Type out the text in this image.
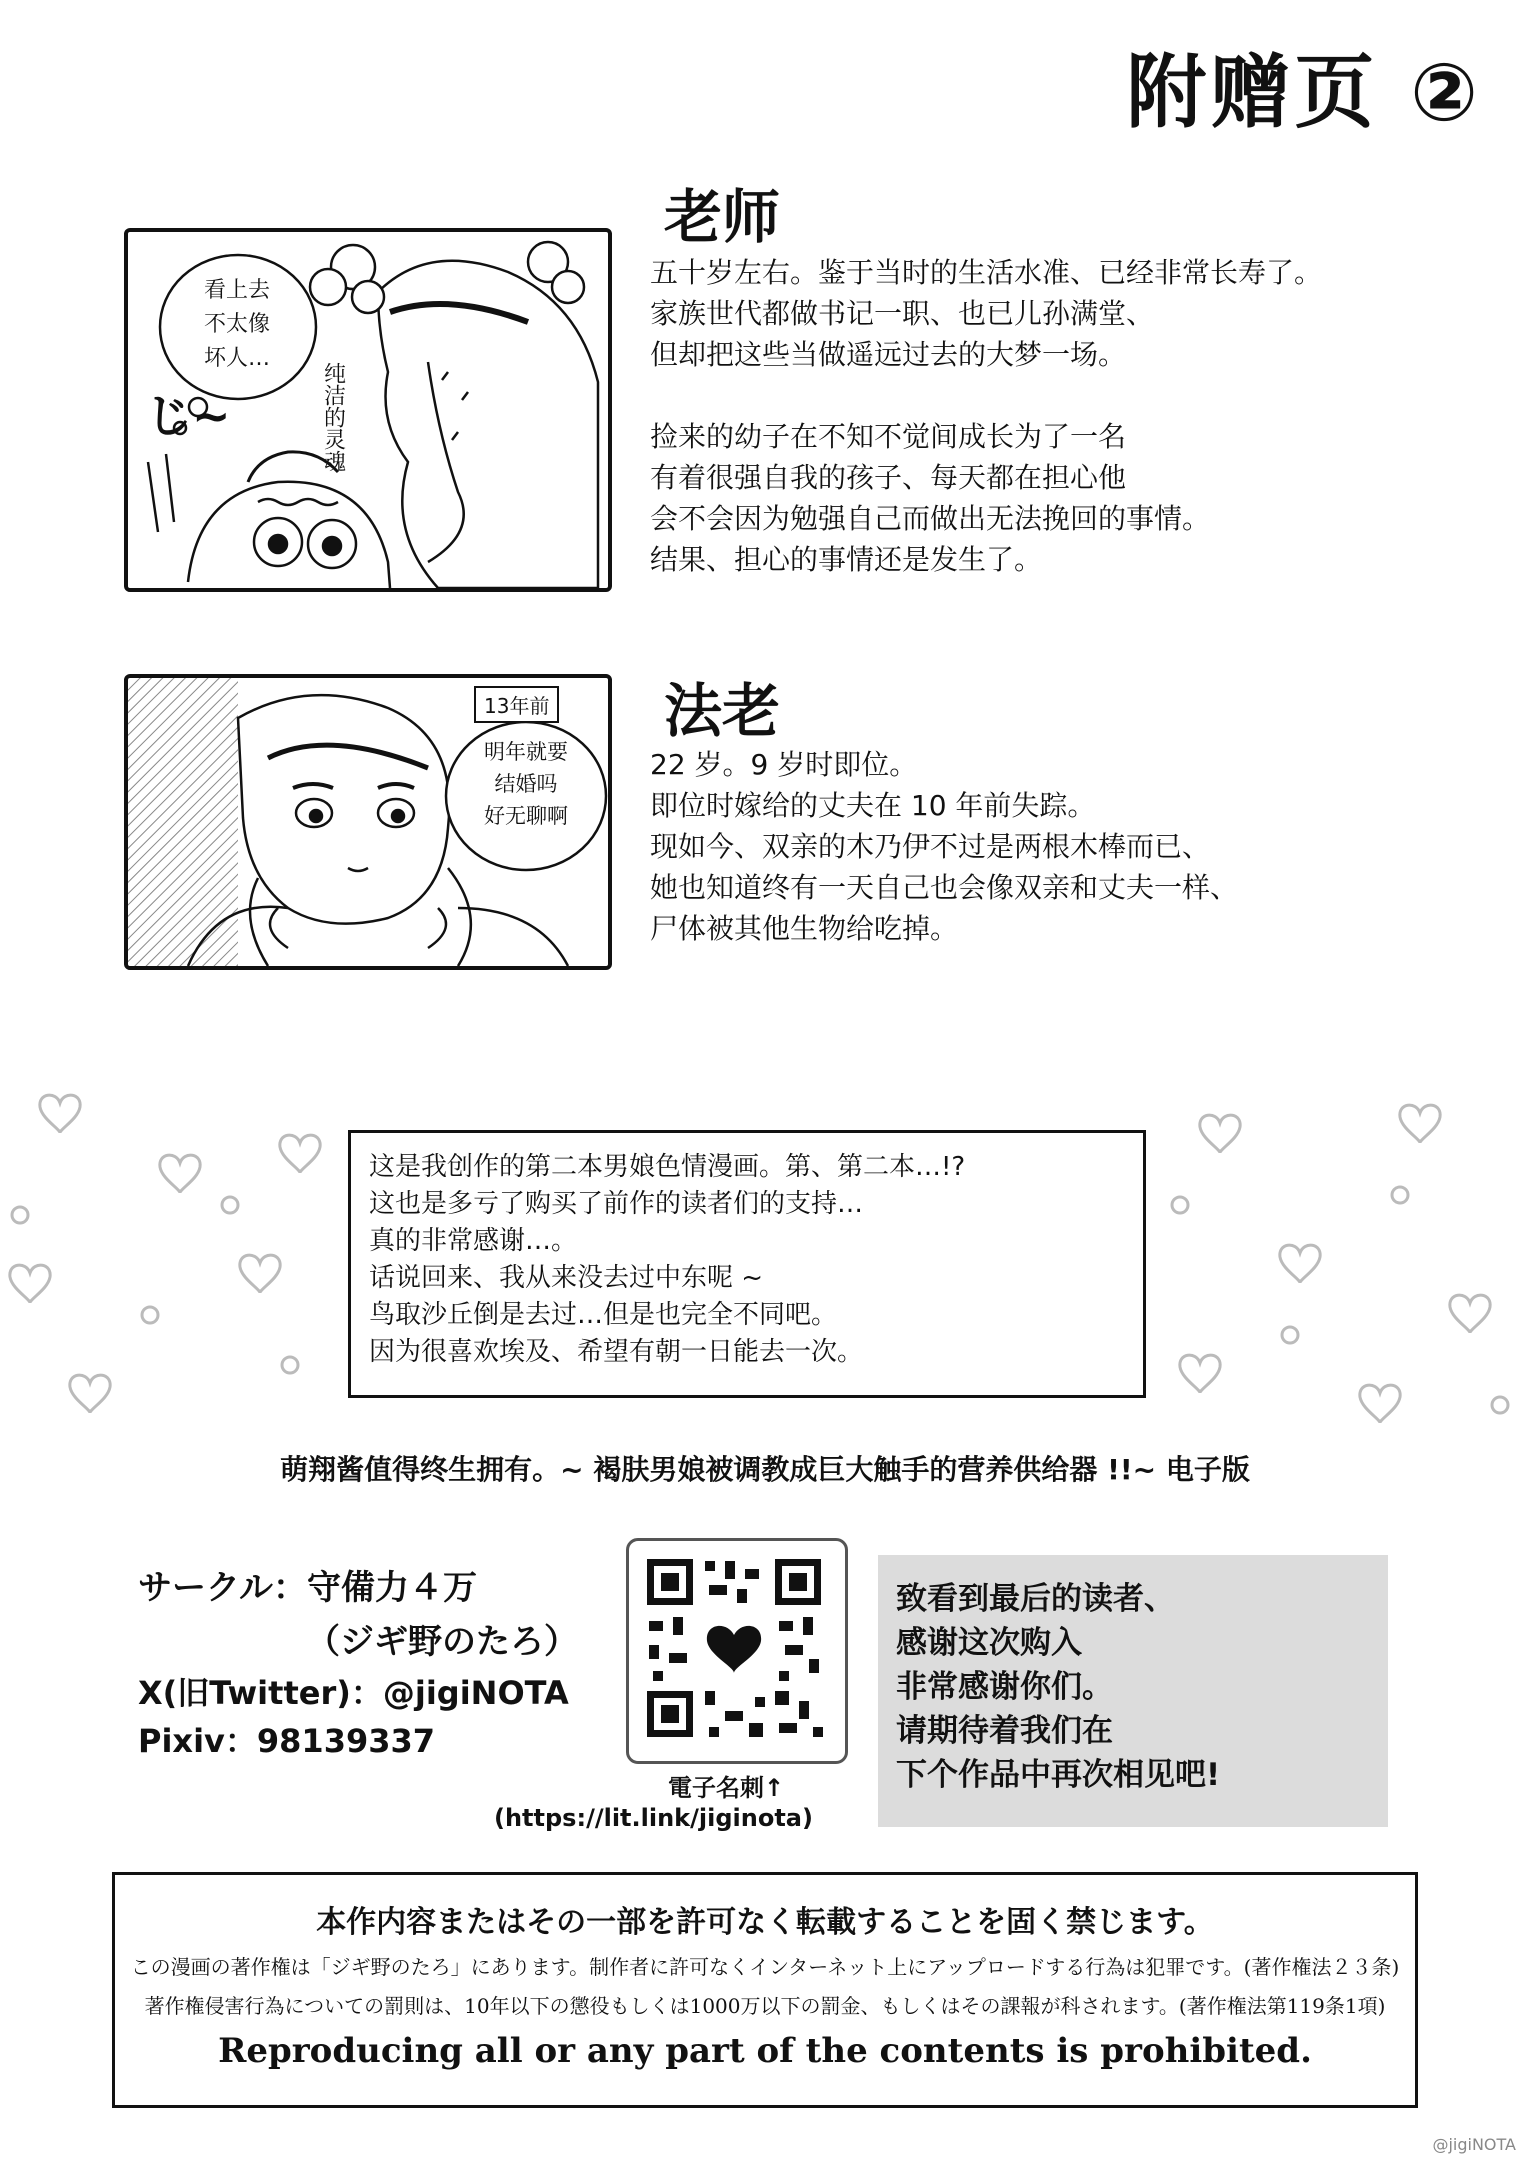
附赠页 ②
纯洁的灵魂
じ~
看上去
不太像
坏人…
老师
五十岁左右。鉴于当时的生活水准、已经非常长寿了。
家族世代都做书记一职、也已儿孙满堂、
但却把这些当做遥远过去的大梦一场。

捡来的幼子在不知不觉间成长为了一名
有着很强自我的孩子、每天都在担心他
会不会因为勉强自己而做出无法挽回的事情。
结果、担心的事情还是发生了。
13年前
明年就要
结婚吗
好无聊啊
法老
22 岁。9 岁时即位。
即位时嫁给的丈夫在 10 年前失踪。
现如今、双亲的木乃伊不过是两根木棒而已、
她也知道终有一天自己也会像双亲和丈夫一样、
尸体被其他生物给吃掉。
这是我创作的第二本男娘色情漫画。第、第二本…!?
这也是多亏了购买了前作的读者们的支持…
真的非常感谢…。
话说回来、我从来没去过中东呢 ~
鸟取沙丘倒是去过…但是也完全不同吧。
因为很喜欢埃及、希望有朝一日能去一次。
萌翔酱值得终生拥有。~ 褐肤男娘被调教成巨大触手的营养供给器 !!~ 电子版
サークル：守備力４万
（ジギ野のたろ）
X(旧Twitter)：@jigiNOTA
Pixiv：98139337
電子名刺↑
(https://lit.link/jiginota)
致看到最后的读者、
感谢这次购入
非常感谢你们。
请期待着我们在
下个作品中再次相见吧!
本作内容またはその一部を許可なく転載することを固く禁じます。
この漫画の著作権は「ジギ野のたろ」にあります。制作者に許可なくインターネット上にアップロードする行為は犯罪です。(著作権法２３条)
著作権侵害行為についての罰則は、10年以下の懲役もしくは1000万以下の罰金、もしくはその課報が科されます。(著作権法第119条1項)
Reproducing all or any part of the contents is prohibited.
@jigiNOTA
